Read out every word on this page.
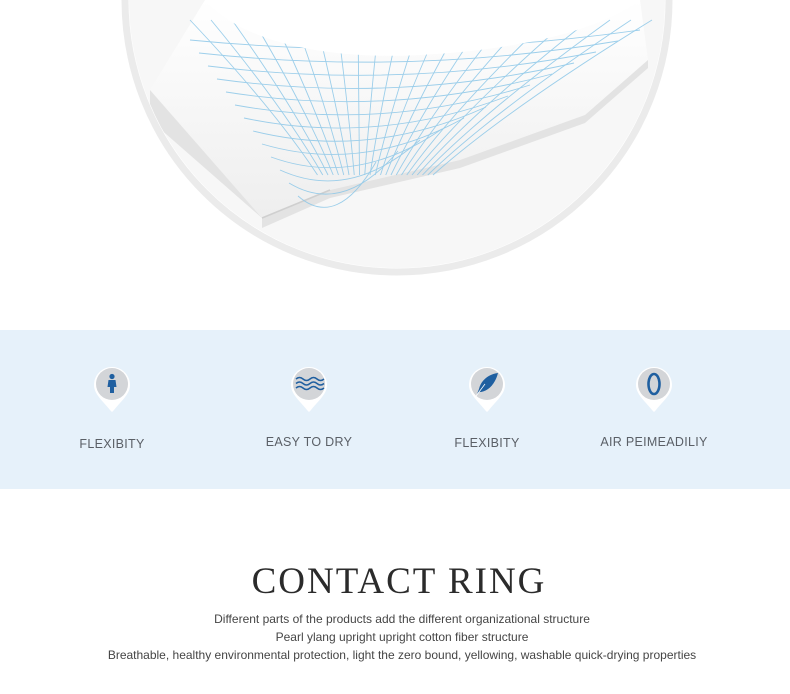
FLEXIBITY	EASY TO DRY	FLEXIBITY	AIR PEIMEADILIY
CONTACT RING
Different parts of the products add the different organizational structure
Pearl ylang upright upright cotton fiber structure
Breathable, healthy environmental protection, light the zero bound, yellowing, washable quick-drying properties
